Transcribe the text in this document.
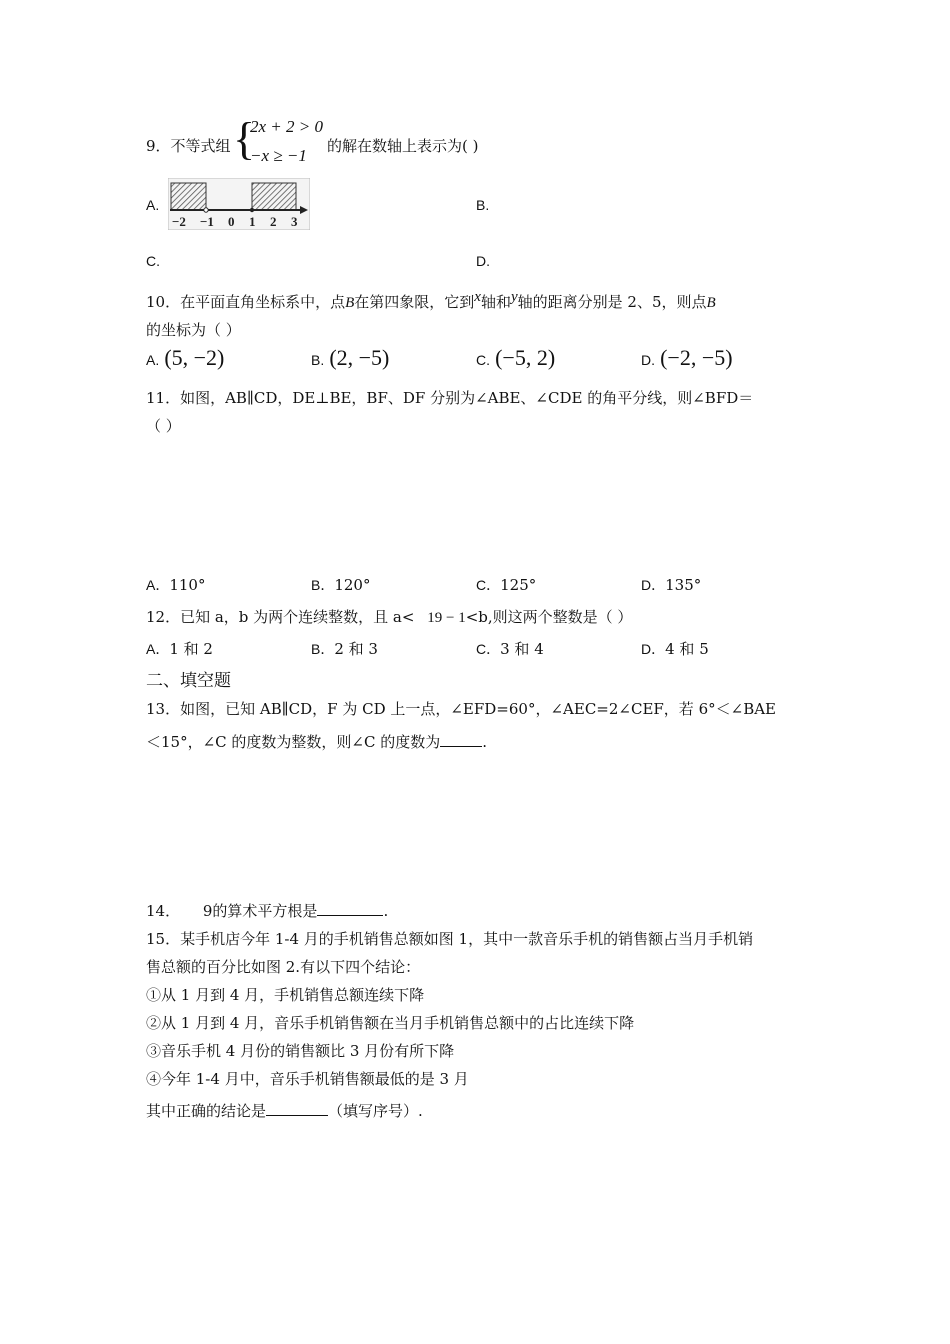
9．不等式组 {
2x + 2 > 0
−x ≥ −1 的解在数轴上表示为( )
A.
−2 −1 0 1 2 3
B.
C.	D.
10．在平面直角坐标系中，点B在第四象限，它到x轴和y轴的距离分别是 2、5，则点B
的坐标为（ ）
A. (5, −2)	B. (2, −5)	C. (−5, 2)	D. (−2, −5)
11．如图，AB∥CD，DE⊥BE，BF、DF 分别为∠ABE、∠CDE 的角平分线，则∠BFD＝
（ ）
A．110°	B．120°	C．125°	D．135°
12．已知 a，b 为两个连续整数，且 a< 19 − 1<b,则这两个整数是（ ）
A．1 和 2	B．2 和 3	C．3 和 4	D．4 和 5
二、填空题
13．如图，已知 AB∥CD，F 为 CD 上一点，∠EFD=60°，∠AEC=2∠CEF，若 6°＜∠BAE
＜15°，∠C 的度数为整数，则∠C 的度数为	.
14． 9的算术平方根是	.
15．某手机店今年 1-4 月的手机销售总额如图 1，其中一款音乐手机的销售额占当月手机销
售总额的百分比如图 2.有以下四个结论：
①从 1 月到 4 月，手机销售总额连续下降
②从 1 月到 4 月，音乐手机销售额在当月手机销售总额中的占比连续下降
③音乐手机 4 月份的销售额比 3 月份有所下降
④今年 1-4 月中，音乐手机销售额最低的是 3 月
其中正确的结论是	（填写序号）.
